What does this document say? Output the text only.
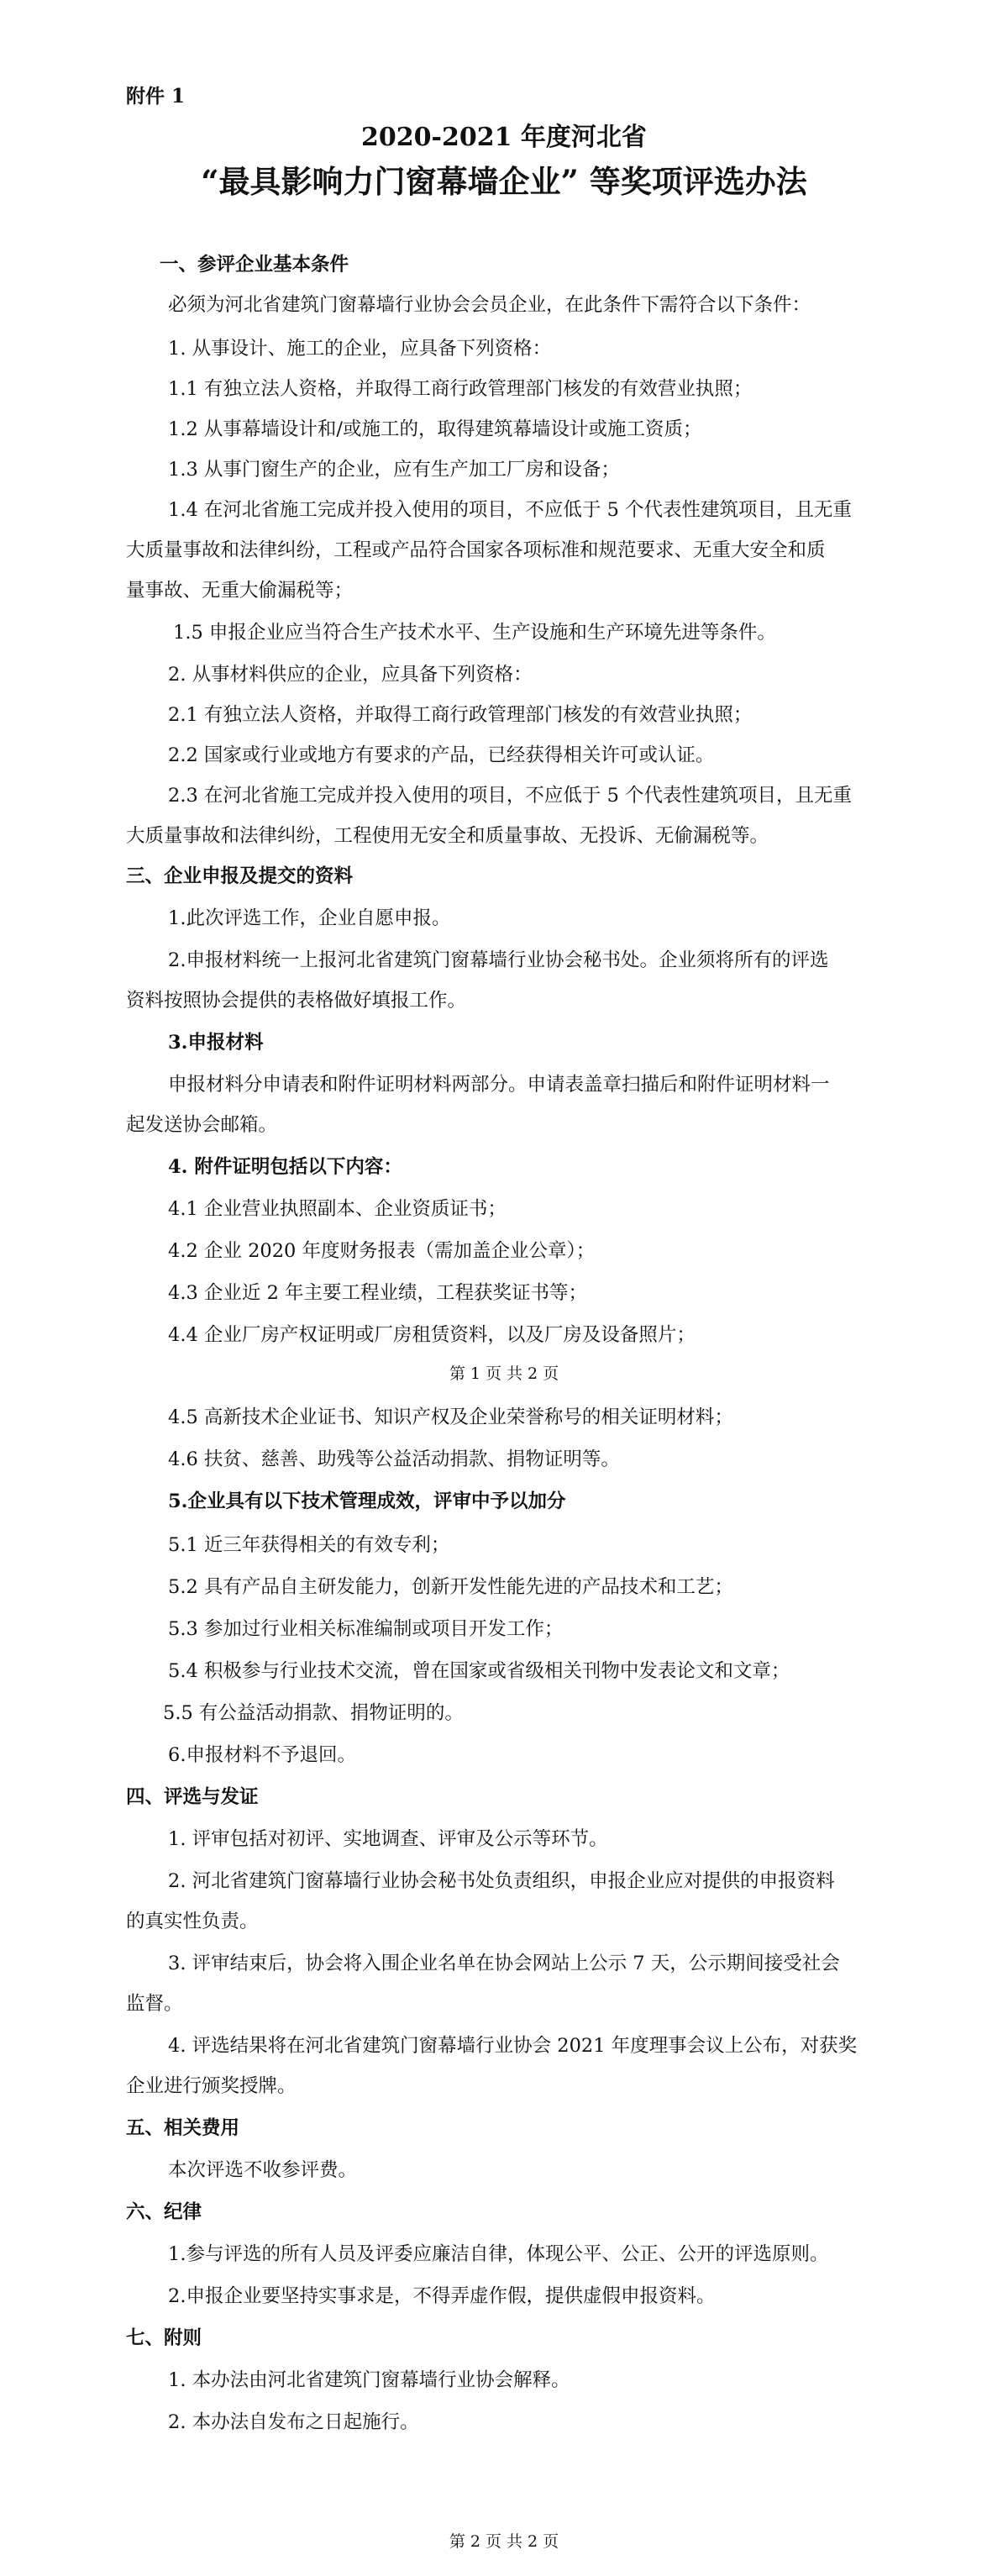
附件 1
2020-2021 年度河北省
“最具影响力门窗幕墙企业” 等奖项评选办法
一、参评企业基本条件
必须为河北省建筑门窗幕墙行业协会会员企业，在此条件下需符合以下条件：
1. 从事设计、施工的企业，应具备下列资格：
1.1 有独立法人资格，并取得工商行政管理部门核发的有效营业执照；
1.2 从事幕墙设计和/或施工的，取得建筑幕墙设计或施工资质；
1.3 从事门窗生产的企业，应有生产加工厂房和设备；
1.4 在河北省施工完成并投入使用的项目，不应低于 5 个代表性建筑项目，且无重
大质量事故和法律纠纷，工程或产品符合国家各项标准和规范要求、无重大安全和质
量事故、无重大偷漏税等；
1.5 申报企业应当符合生产技术水平、生产设施和生产环境先进等条件。
2. 从事材料供应的企业，应具备下列资格：
2.1 有独立法人资格，并取得工商行政管理部门核发的有效营业执照；
2.2 国家或行业或地方有要求的产品，已经获得相关许可或认证。
2.3 在河北省施工完成并投入使用的项目，不应低于 5 个代表性建筑项目，且无重
大质量事故和法律纠纷，工程使用无安全和质量事故、无投诉、无偷漏税等。
三、企业申报及提交的资料
1.此次评选工作，企业自愿申报。
2.申报材料统一上报河北省建筑门窗幕墙行业协会秘书处。企业须将所有的评选
资料按照协会提供的表格做好填报工作。
3.申报材料
申报材料分申请表和附件证明材料两部分。申请表盖章扫描后和附件证明材料一
起发送协会邮箱。
4. 附件证明包括以下内容：
4.1 企业营业执照副本、企业资质证书；
4.2 企业 2020 年度财务报表（需加盖企业公章）；
4.3 企业近 2 年主要工程业绩，工程获奖证书等；
4.4 企业厂房产权证明或厂房租赁资料，以及厂房及设备照片；
第 1 页 共 2 页
4.5 高新技术企业证书、知识产权及企业荣誉称号的相关证明材料；
4.6 扶贫、慈善、助残等公益活动捐款、捐物证明等。
5.企业具有以下技术管理成效，评审中予以加分
5.1 近三年获得相关的有效专利；
5.2 具有产品自主研发能力，创新开发性能先进的产品技术和工艺；
5.3 参加过行业相关标准编制或项目开发工作；
5.4 积极参与行业技术交流，曾在国家或省级相关刊物中发表论文和文章；
5.5 有公益活动捐款、捐物证明的。
6.申报材料不予退回。
四、评选与发证
1. 评审包括对初评、实地调查、评审及公示等环节。
2. 河北省建筑门窗幕墙行业协会秘书处负责组织，申报企业应对提供的申报资料
的真实性负责。
3. 评审结束后，协会将入围企业名单在协会网站上公示 7 天，公示期间接受社会
监督。
4. 评选结果将在河北省建筑门窗幕墙行业协会 2021 年度理事会议上公布，对获奖
企业进行颁奖授牌。
五、相关费用
本次评选不收参评费。
六、纪律
1.参与评选的所有人员及评委应廉洁自律，体现公平、公正、公开的评选原则。
2.申报企业要坚持实事求是，不得弄虚作假，提供虚假申报资料。
七、附则
1. 本办法由河北省建筑门窗幕墙行业协会解释。
2. 本办法自发布之日起施行。
第 2 页 共 2 页
